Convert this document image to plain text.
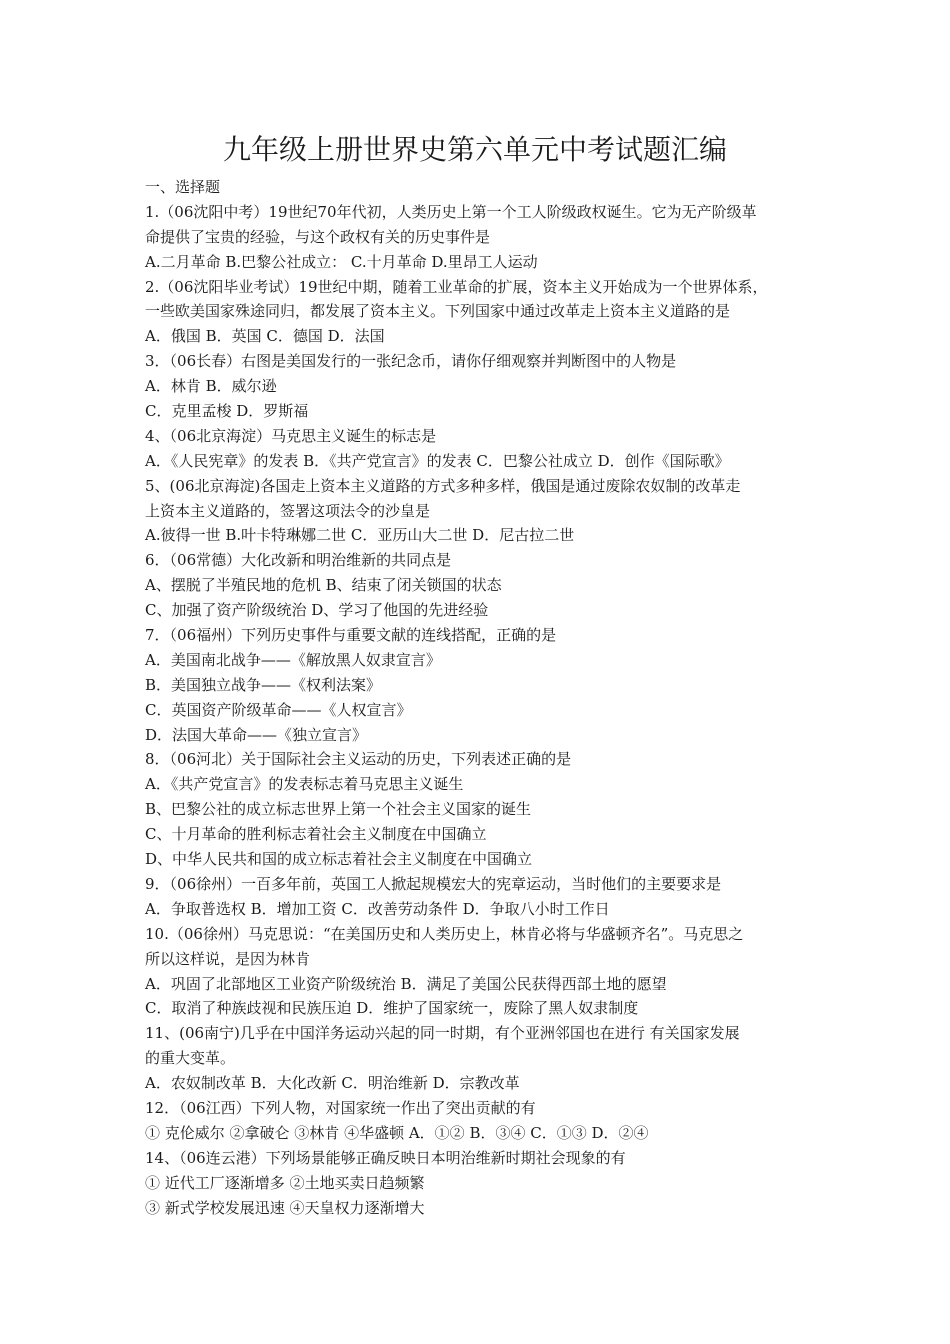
九年级上册世界史第六单元中考试题汇编
一、选择题
1.（06沈阳中考）19世纪70年代初，人类历史上第一个工人阶级政权诞生。它为无产阶级革
命提供了宝贵的经验，与这个政权有关的历史事件是
A.二月革命 B.巴黎公社成立： C.十月革命 D.里昂工人运动
2.（06沈阳毕业考试）19世纪中期，随着工业革命的扩展，资本主义开始成为一个世界体系，
一些欧美国家殊途同归，都发展了资本主义。下列国家中通过改革走上资本主义道路的是
A．俄国 B．英国 C．德国 D．法国
3．（06长春）右图是美国发行的一张纪念币，请你仔细观察并判断图中的人物是
A．林肯 B．威尔逊
C．克里孟梭 D．罗斯福
4、（06北京海淀）马克思主义诞生的标志是
A．《人民宪章》的发表 B．《共产党宣言》的发表 C．巴黎公社成立 D．创作《国际歌》
5、(06北京海淀)各国走上资本主义道路的方式多种多样，俄国是通过废除农奴制的改革走
上资本主义道路的，签署这项法令的沙皇是
A.彼得一世 B.叶卡特琳娜二世 C．亚历山大二世 D．尼古拉二世
6．（06常德）大化改新和明治维新的共同点是
A、摆脱了半殖民地的危机 B、结束了闭关锁国的状态
C、加强了资产阶级统治 D、学习了他国的先进经验
7．（06福州）下列历史事件与重要文献的连线搭配，正确的是
A．美国南北战争——《解放黑人奴隶宣言》
B．美国独立战争——《权利法案》
C．英国资产阶级革命——《人权宣言》
D．法国大革命——《独立宣言》
8．（06河北）关于国际社会主义运动的历史，下列表述正确的是
A．《共产党宣言》的发表标志着马克思主义诞生
B、巴黎公社的成立标志世界上第一个社会主义国家的诞生
C、十月革命的胜利标志着社会主义制度在中国确立
D、中华人民共和国的成立标志着社会主义制度在中国确立
9．（06徐州）一百多年前，英国工人掀起规模宏大的宪章运动，当时他们的主要要求是
A．争取普选权 B．增加工资 C．改善劳动条件 D．争取八小时工作日
10.（06徐州）马克思说：“在美国历史和人类历史上，林肯必将与华盛顿齐名”。马克思之
所以这样说，是因为林肯
A．巩固了北部地区工业资产阶级统治 B．满足了美国公民获得西部土地的愿望
C．取消了种族歧视和民族压迫 D．维护了国家统一，废除了黑人奴隶制度
11、(06南宁)几乎在中国洋务运动兴起的同一时期，有个亚洲邻国也在进行 有关国家发展
的重大变革。
A．农奴制改革 B．大化改新 C．明治维新 D．宗教改革
12．（06江西）下列人物，对国家统一作出了突出贡献的有
① 克伦威尔 ②拿破仑 ③林肯 ④华盛顿 A．①② B．③④ C．①③ D．②④
14、（06连云港）下列场景能够正确反映日本明治维新时期社会现象的有
① 近代工厂逐渐增多 ②土地买卖日趋频繁
③ 新式学校发展迅速 ④天皇权力逐渐增大
